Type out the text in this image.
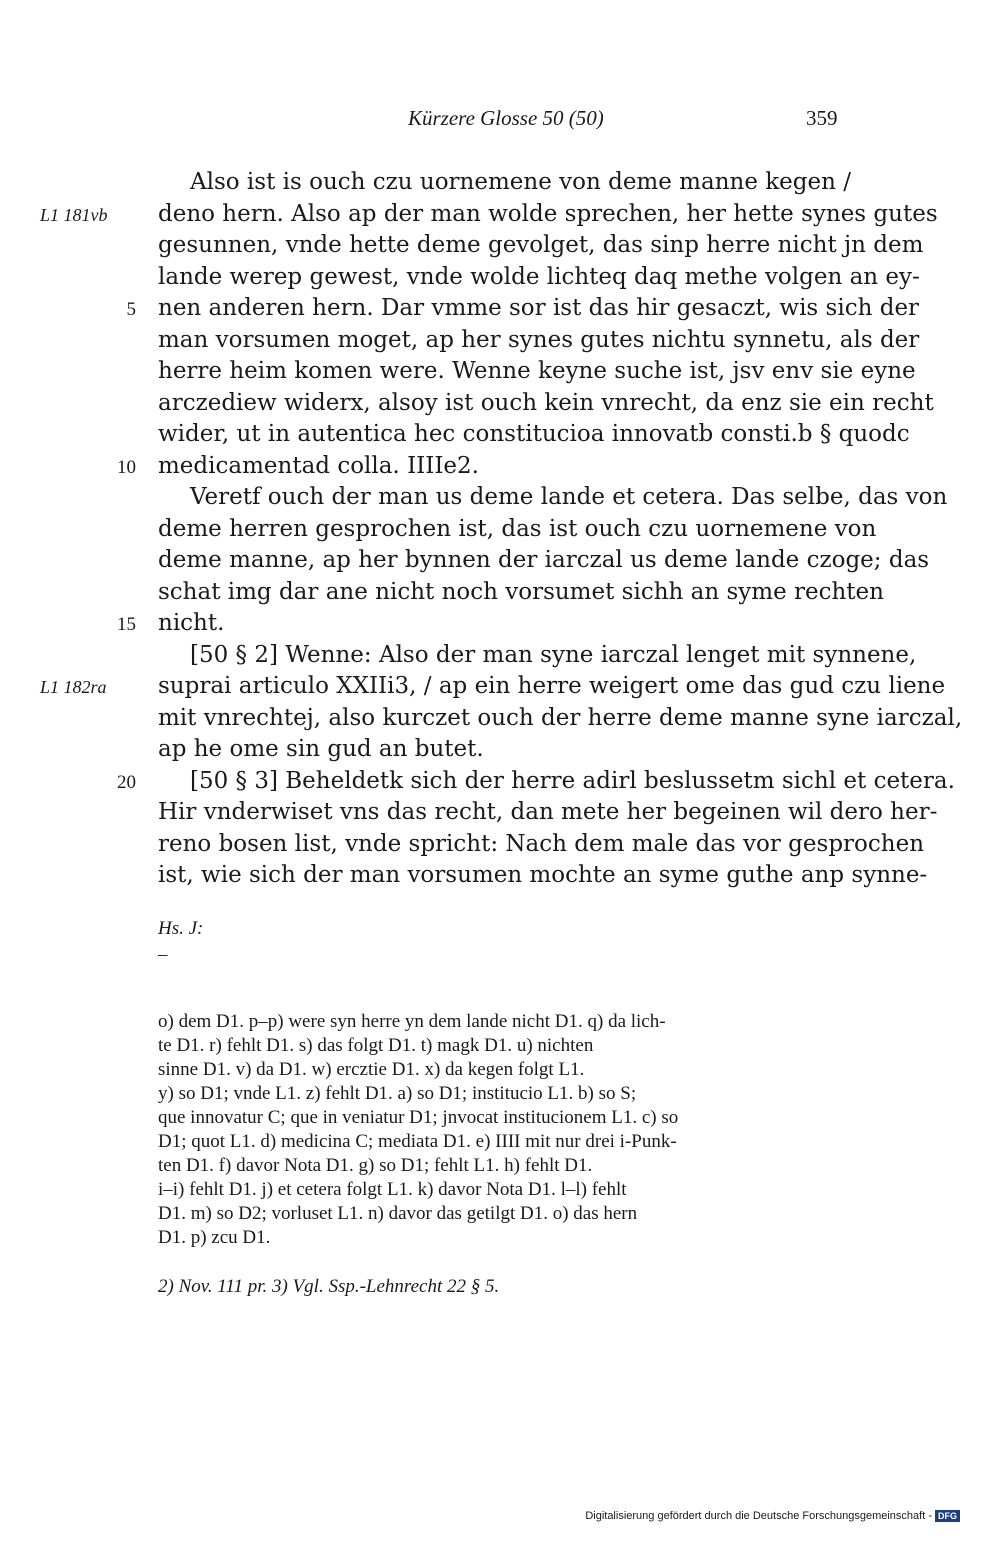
Kürzere Glosse 50 (50)	359
L1 181vb
L1 182ra
5
10
15
20
Also ist is ouch czu uornemene von deme manne kegen /
deno hern. Also ap der man wolde sprechen, her hette synes gutes
gesunnen, vnde hette deme gevolget, das sinp herre nicht jn dem
lande werep gewest, vnde wolde lichteq daq methe volgen an ey-
nen anderen hern. Dar vmme sor ist das hir gesaczt, wis sich der
man vorsumen moget, ap her synes gutes nichtu synnetu, als der
herre heim komen were. Wenne keyne suche ist, jsv env sie eyne
arczediew widerx, alsoy ist ouch kein vnrecht, da enz sie ein recht
wider, ut in autentica hec constitucioa innovatb consti.b § quodc
medicamentad colla. IIIIe2.
Veretf ouch der man us deme lande et cetera. Das selbe, das von
deme herren gesprochen ist, das ist ouch czu uornemene von
deme manne, ap her bynnen der iarczal us deme lande czoge; das
schat img dar ane nicht noch vorsumet sichh an syme rechten
nicht.
[50 § 2] Wenne: Also der man syne iarczal lenget mit synnene,
suprai articulo XXIIi3, / ap ein herre weigert ome das gud czu liene
mit vnrechtej, also kurczet ouch der herre deme manne syne iarczal,
ap he ome sin gud an butet.
[50 § 3] Beheldetk sich der herre adirl beslussetm sichl et cetera.
Hir vnderwiset vns das recht, dan mete her begeinen wil dero her-
reno bosen list, vnde spricht: Nach dem male das vor gesprochen
ist, wie sich der man vorsumen mochte an syme guthe anp synne-
Hs. J:
–
o) dem D1. p–p) were syn herre yn dem lande nicht D1. q) da lich-
te D1. r) fehlt D1. s) das folgt D1. t) magk D1. u) nichten
sinne D1. v) da D1. w) ercztie D1. x) da kegen folgt L1.
y) so D1; vnde L1. z) fehlt D1. a) so D1; institucio L1. b) so S;
que innovatur C; que in veniatur D1; jnvocat institucionem L1. c) so
D1; quot L1. d) medicina C; mediata D1. e) IIII mit nur drei i-Punk-
ten D1. f) davor Nota D1. g) so D1; fehlt L1. h) fehlt D1.
i–i) fehlt D1. j) et cetera folgt L1. k) davor Nota D1. l–l) fehlt
D1. m) so D2; vorluset L1. n) davor das getilgt D1. o) das hern
D1. p) zcu D1.
2) Nov. 111 pr. 3) Vgl. Ssp.-Lehnrecht 22 § 5.
Digitalisierung gefördert durch die Deutsche Forschungsgemeinschaft - DFG
